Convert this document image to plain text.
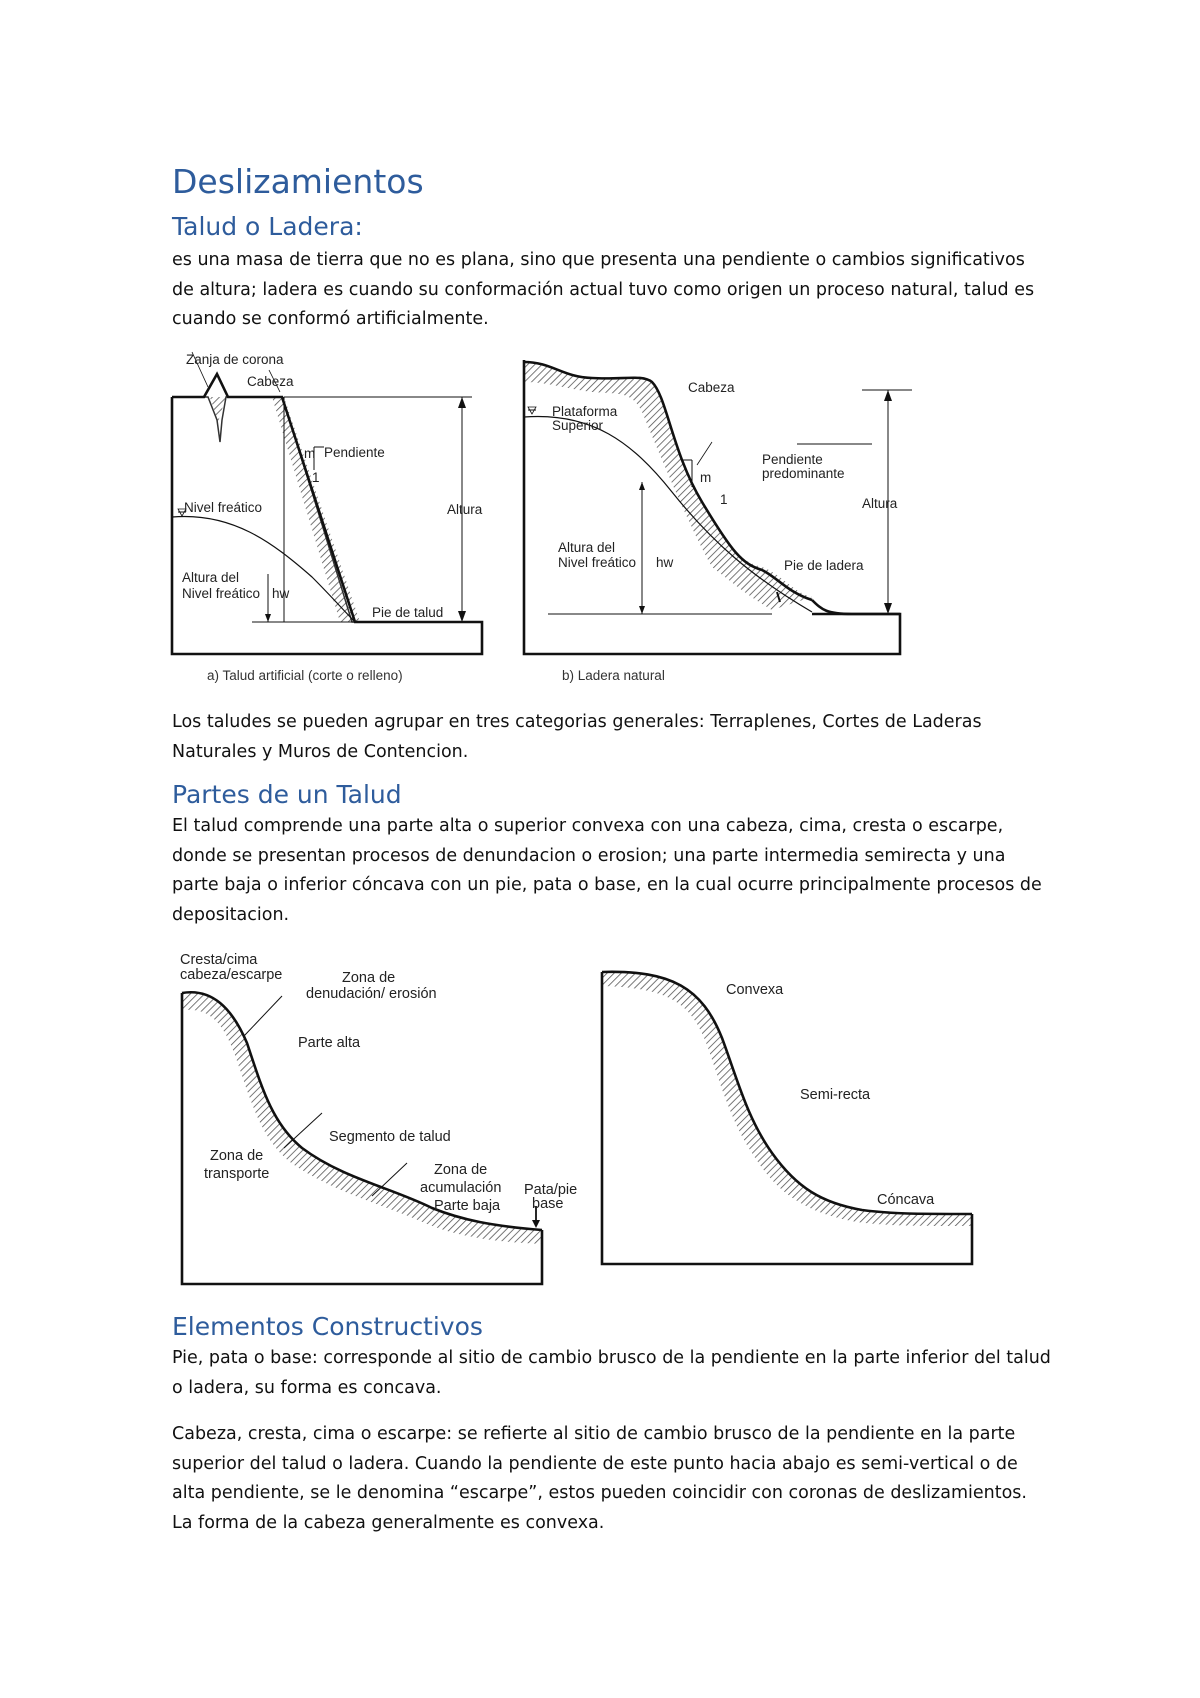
Deslizamientos
Talud o Ladera:

es una masa de tierra que no es plana, sino que presenta una pendiente o cambios significativos de altura; ladera es cuando su conformación actual tuvo como origen un proceso natural, talud es cuando se conformó artificialmente.

Zanja de corona
Cabeza
Pendiente
m
1
Nivel freático	Altura
Altura del
Nivel freático hw
Pie de talud
a) Talud artificial (corte o relleno)
Cabeza
Plataforma
Superior
Pendiente
predominante
m
1	Altura
Altura del
Nivel freático hw	Pie de ladera
b) Ladera natural

Los taludes se pueden agrupar en tres categorias generales: Terraplenes, Cortes de Laderas Naturales y Muros de Contencion.

Partes de un Talud

El talud comprende una parte alta o superior convexa con una cabeza, cima, cresta o escarpe, donde se presentan procesos de denundacion o erosion; una parte intermedia semirecta y una parte baja o inferior cóncava con un pie, pata o base, en la cual ocurre principalmente procesos de depositacion.

Cresta/cima
cabeza/escarpe	Zona de
denudación/ erosión
Parte alta
Segmento de talud
Zona de
transporte	Zona de
acumulación
Parte baja
Pata/pie
base
Convexa
Semi-recta
Cóncava
Elementos Constructivos

Pie, pata o base: corresponde al sitio de cambio brusco de la pendiente en la parte inferior del talud o ladera, su forma es concava.

Cabeza, cresta, cima o escarpe: se refierte al sitio de cambio brusco de la pendiente en la parte superior del talud o ladera. Cuando la pendiente de este punto hacia abajo es semi-vertical o de alta pendiente, se le denomina “escarpe”, estos pueden coincidir con coronas de deslizamientos. La forma de la cabeza generalmente es convexa.
